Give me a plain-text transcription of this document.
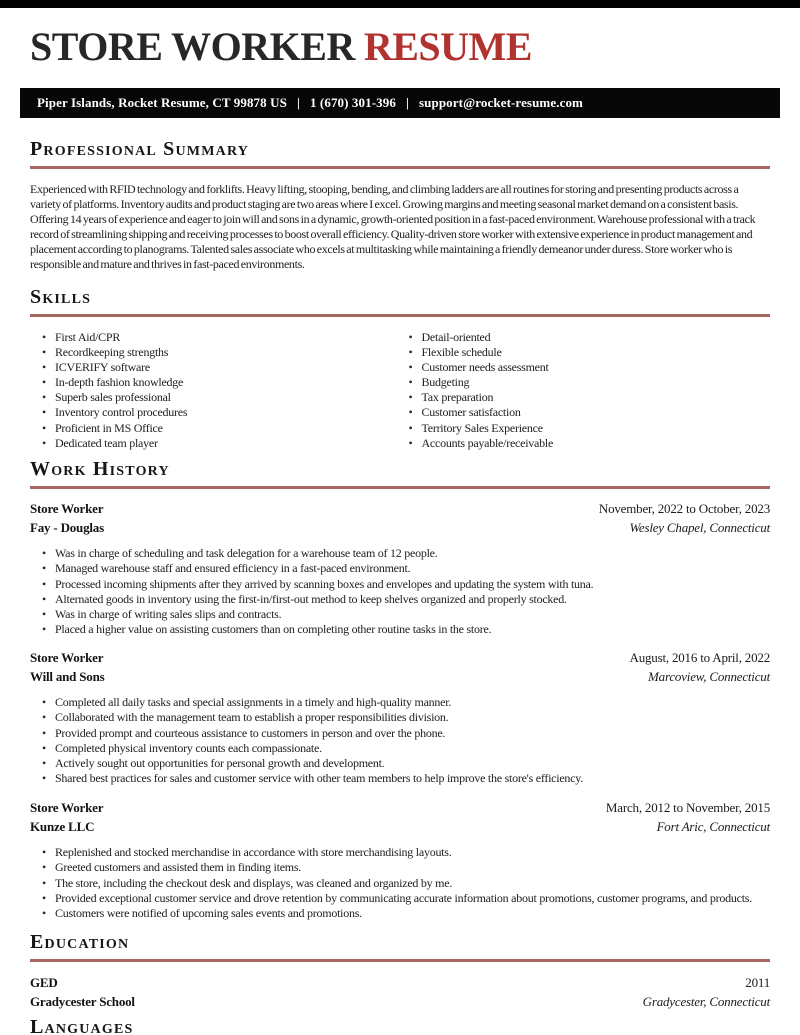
STORE WORKER RESUME
Piper Islands, Rocket Resume, CT 99878 US   |   1 (670) 301-396   |   support@rocket-resume.com
Professional Summary

Experienced with RFID technology and forklifts. Heavy lifting, stooping, bending, and climbing ladders are all routines for storing and presenting products across a variety of platforms. Inventory audits and product staging are two areas where I excel. Growing margins and meeting seasonal market demand on a consistent basis. Offering 14 years of experience and eager to join will and sons in a dynamic, growth-oriented position in a fast-paced environment. Warehouse professional with a track record of streamlining shipping and receiving processes to boost overall efficiency. Quality-driven store worker with extensive experience in product management and placement according to planograms. Talented sales associate who excels at multitasking while maintaining a friendly demeanor under duress. Store worker who is responsible and mature and thrives in fast-paced environments.

Skills
• First Aid/CPR
• Recordkeeping strengths
• ICVERIFY software
• In-depth fashion knowledge
• Superb sales professional
• Inventory control procedures
• Proficient in MS Office
• Dedicated team player
• Detail-oriented
• Flexible schedule
• Customer needs assessment
• Budgeting
• Tax preparation
• Customer satisfaction
• Territory Sales Experience
• Accounts payable/receivable
Work History
Store Worker	November, 2022 to October, 2023
Fay - Douglas	Wesley Chapel, Connecticut
• Was in charge of scheduling and task delegation for a warehouse team of 12 people.
• Managed warehouse staff and ensured efficiency in a fast-paced environment.
• Processed incoming shipments after they arrived by scanning boxes and envelopes and updating the system with tuna.
• Alternated goods in inventory using the first-in/first-out method to keep shelves organized and properly stocked.
• Was in charge of writing sales slips and contracts.
• Placed a higher value on assisting customers than on completing other routine tasks in the store.
Store Worker	August, 2016 to April, 2022
Will and Sons	Marcoview, Connecticut
• Completed all daily tasks and special assignments in a timely and high-quality manner.
• Collaborated with the management team to establish a proper responsibilities division.
• Provided prompt and courteous assistance to customers in person and over the phone.
• Completed physical inventory counts each compassionate.
• Actively sought out opportunities for personal growth and development.
• Shared best practices for sales and customer service with other team members to help improve the store's efficiency.
Store Worker	March, 2012 to November, 2015
Kunze LLC	Fort Aric, Connecticut
• Replenished and stocked merchandise in accordance with store merchandising layouts.
• Greeted customers and assisted them in finding items.
• The store, including the checkout desk and displays, was cleaned and organized by me.
• Provided exceptional customer service and drove retention by communicating accurate information about promotions, customer programs, and products.
• Customers were notified of upcoming sales events and promotions.
Education
GED	2011
Gradycester School	Gradycester, Connecticut
Languages
